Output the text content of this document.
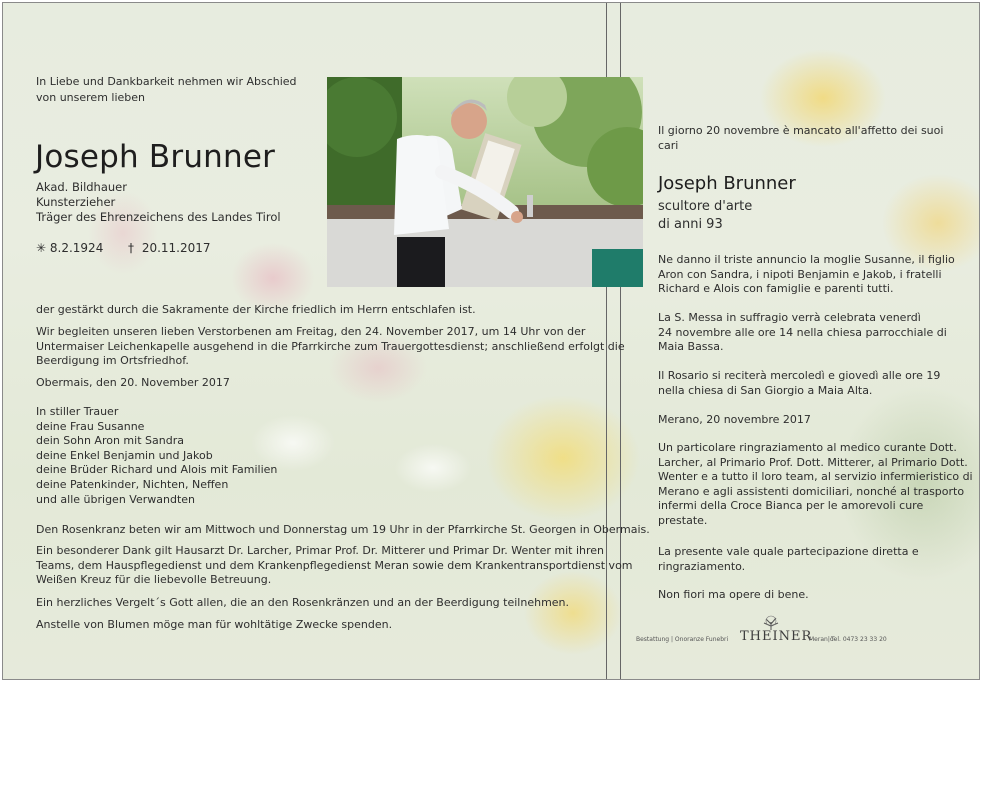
In Liebe und Dankbarkeit nehmen wir Abschied
von unserem lieben
Joseph Brunner
Akad. Bildhauer
Kunsterzieher
Träger des Ehrenzeichens des Landes Tirol
✳ 8.2.1924 † 20.11.2017
der gestärkt durch die Sakramente der Kirche friedlich im Herrn entschlafen ist.
Wir begleiten unseren lieben Verstorbenen am Freitag, den 24. November 2017, um 14 Uhr von der
Untermaiser Leichenkapelle ausgehend in die Pfarrkirche zum Trauergottesdienst; anschließend erfolgt die
Beerdigung im Ortsfriedhof.
Obermais, den 20. November 2017
In stiller Trauer
deine Frau Susanne
dein Sohn Aron mit Sandra
deine Enkel Benjamin und Jakob
deine Brüder Richard und Alois mit Familien
deine Patenkinder, Nichten, Neffen
und alle übrigen Verwandten
Den Rosenkranz beten wir am Mittwoch und Donnerstag um 19 Uhr in der Pfarrkirche St. Georgen in Obermais.
Ein besonderer Dank gilt Hausarzt Dr. Larcher, Primar Prof. Dr. Mitterer und Primar Dr. Wenter mit ihren
Teams, dem Hauspflegedienst und dem Krankenpflegedienst Meran sowie dem Krankentransportdienst vom
Weißen Kreuz für die liebevolle Betreuung.
Ein herzliches Vergelt´s Gott allen, die an den Rosenkränzen und an der Beerdigung teilnehmen.
Anstelle von Blumen möge man für wohltätige Zwecke spenden.
Il giorno 20 novembre è mancato all'affetto dei suoi
cari
Joseph Brunner
scultore d'arte
di anni 93
Ne danno il triste annuncio la moglie Susanne, il figlio
Aron con Sandra, i nipoti Benjamin e Jakob, i fratelli
Richard e Alois con famiglie e parenti tutti.
La S. Messa in suffragio verrà celebrata venerdì
24 novembre alle ore 14 nella chiesa parrocchiale di
Maia Bassa.
Il Rosario si reciterà mercoledì e giovedì alle ore 19
nella chiesa di San Giorgio a Maia Alta.
Merano, 20 novembre 2017
Un particolare ringraziamento al medico curante Dott.
Larcher, al Primario Prof. Dott. Mitterer, al Primario Dott.
Wenter e a tutto il loro team, al servizio infermieristico di
Merano e agli assistenti domiciliari, nonché al trasporto
infermi della Croce Bianca per le amorevoli cure
prestate.
La presente vale quale partecipazione diretta e
ringraziamento.
Non fiori ma opere di bene.
Bestattung | Onoranze Funebri THEINER
Meran|o
Tel. 0473 23 33 20
